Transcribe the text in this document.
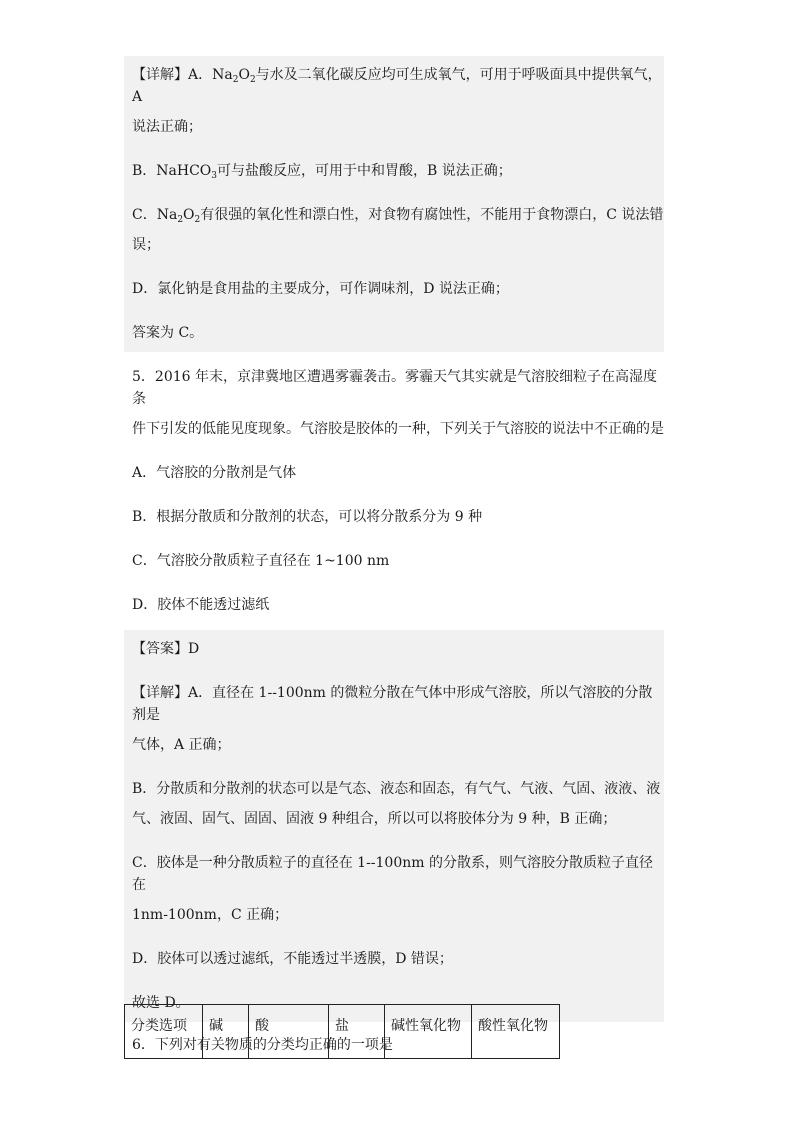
【详解】A．$Na_2O_2$与水及二氧化碳反应均可生成氧气，可用于呼吸面具中提供氧气，A
说法正确；
B．NaHCO$_3$可与盐酸反应，可用于中和胃酸，B 说法正确；
C．$Na_2O_2$有很强的氧化性和漂白性，对食物有腐蚀性，不能用于食物漂白，C 说法错
误；
D．氯化钠是食用盐的主要成分，可作调味剂，D 说法正确；
答案为 C。
5．2016 年末，京津冀地区遭遇雾霾袭击。雾霾天气其实就是气溶胶细粒子在高湿度条
件下引发的低能见度现象。气溶胶是胶体的一种，下列关于气溶胶的说法中不正确的是
A．气溶胶的分散剂是气体
B．根据分散质和分散剂的状态，可以将分散系分为 9 种
C．气溶胶分散质粒子直径在 1~100 nm
D．胶体不能透过滤纸
【答案】D
【详解】A．直径在 1--100nm 的微粒分散在气体中形成气溶胶，所以气溶胶的分散剂是
气体，A 正确；
B．分散质和分散剂的状态可以是气态、液态和固态，有气气、气液、气固、液液、液
气、液固、固气、固固、固液 9 种组合，所以可以将胶体分为 9 种，B 正确；
C．胶体是一种分散质粒子的直径在 1--100nm 的分散系，则气溶胶分散质粒子直径在
1nm-100nm，C 正确；
D．胶体可以透过滤纸，不能透过半透膜，D 错误；
故选 D。
6．下列对有关物质的分类均正确的一项是
分类选项	碱	酸	盐	碱性氧化物	酸性氧化物
